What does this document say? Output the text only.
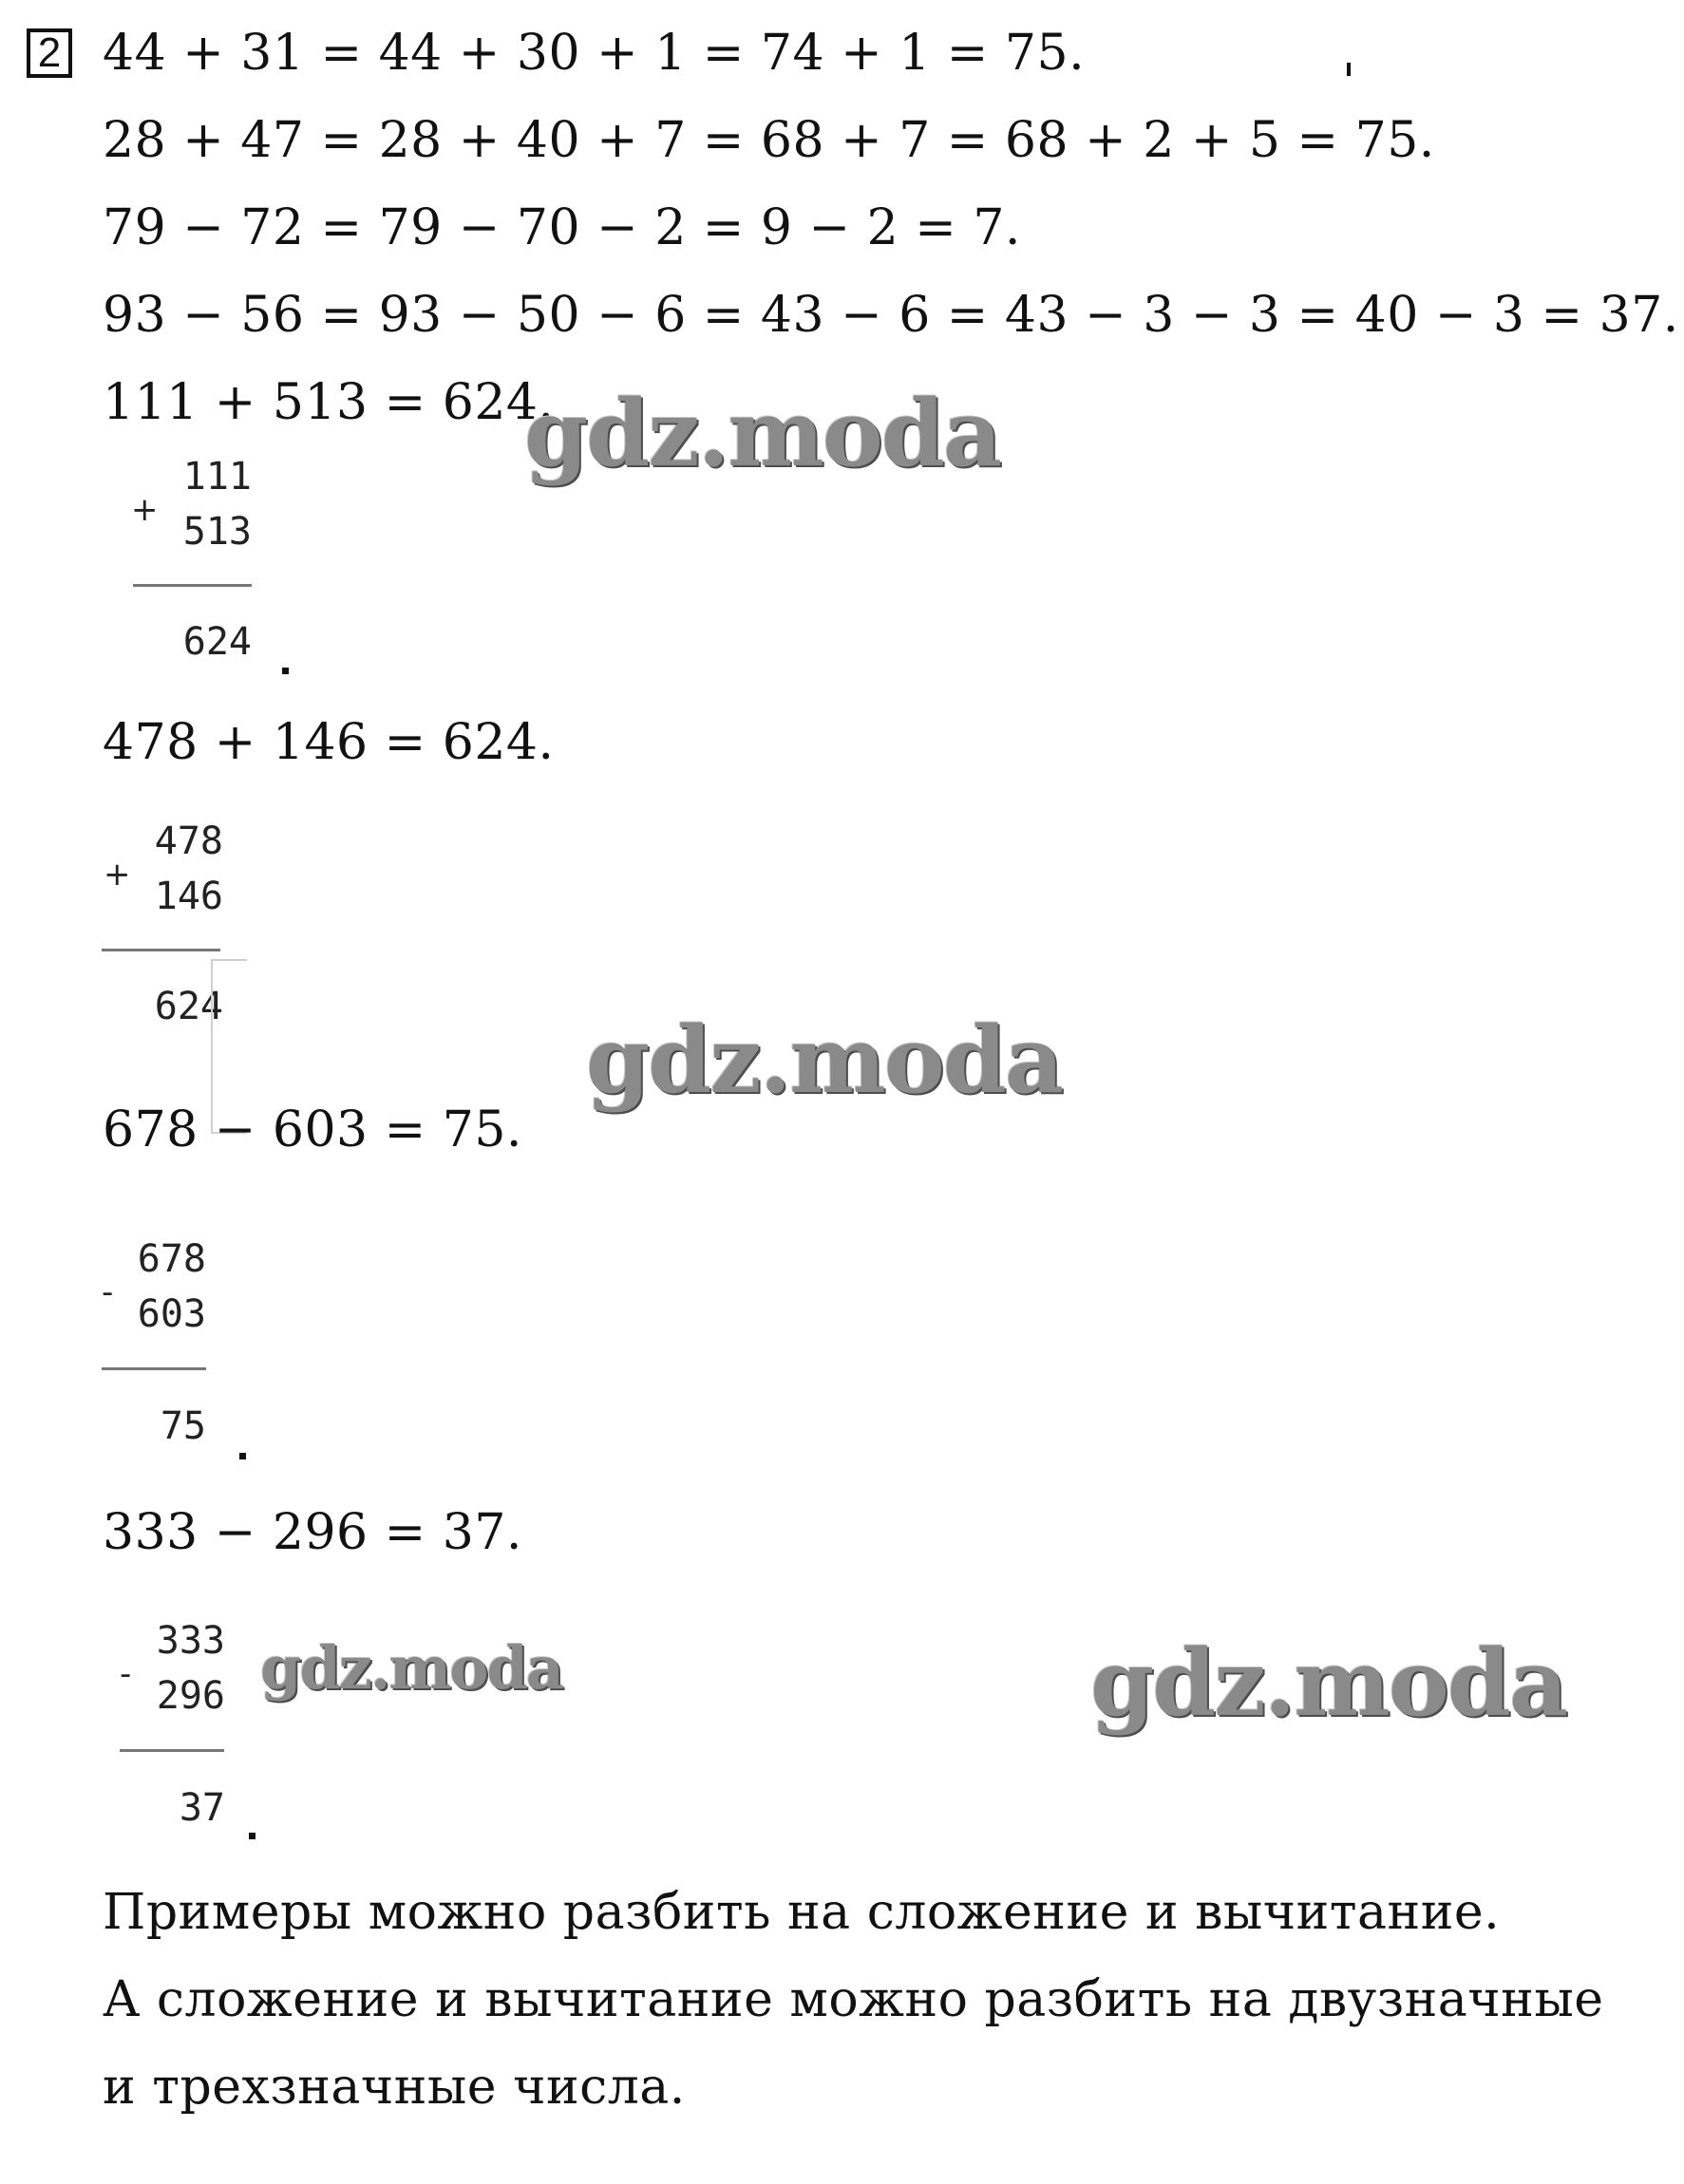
2 44 + 31 = 44 + 30 + 1 = 74 + 1 = 75.
28 + 47 = 28 + 40 + 7 = 68 + 7 = 68 + 2 + 5 = 75.
79 − 72 = 79 − 70 − 2 = 9 − 2 = 7.
93 − 56 = 93 − 50 − 6 = 43 − 6 = 43 − 3 − 3 = 40 − 3 = 37.
111 + 513 = 624.
+
111
513
624
478 + 146 = 624.
+
478
146
624
678 − 603 = 75.
-
678
603
75
333 − 296 = 37.
-
333
296
37
Примеры можно разбить на сложение и вычитание.
А сложение и вычитание можно разбить на двузначные
и трехзначные числа.
gdz.moda
gdz.moda
gdz.moda	gdz.moda
